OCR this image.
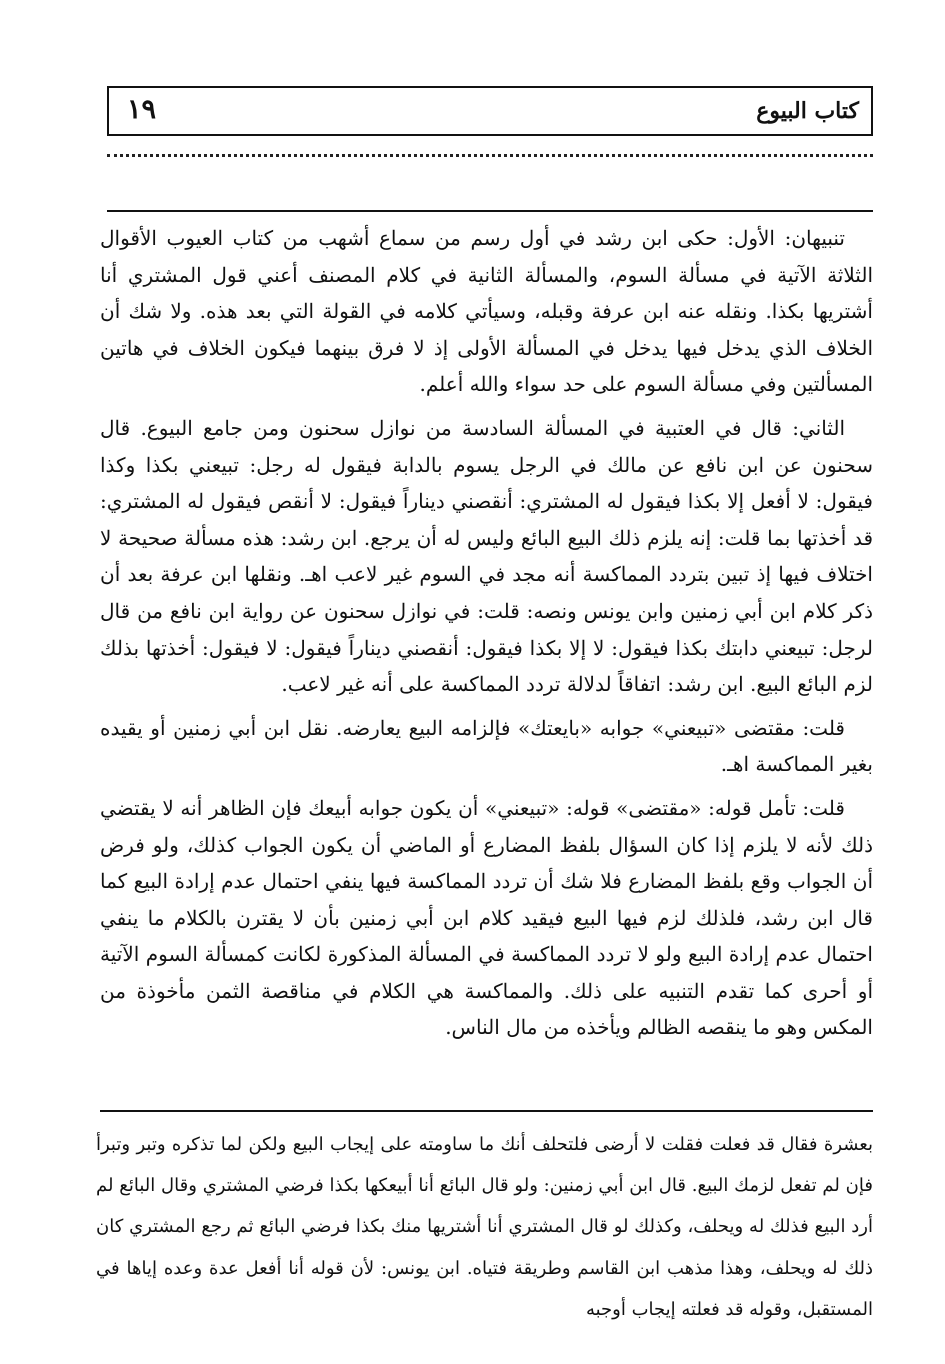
١٩	كتاب البيوع

تنبيهان: الأول: حكى ابن رشد في أول رسم من سماع أشهب من كتاب العيوب الأقوال الثلاثة الآتية في مسألة السوم، والمسألة الثانية في كلام المصنف أعني قول المشتري أنا أشتريها بكذا. ونقله عنه ابن عرفة وقبله، وسيأتي كلامه في القولة التي بعد هذه. ولا شك أن الخلاف الذي يدخل فيها يدخل في المسألة الأولى إذ لا فرق بينهما فيكون الخلاف في هاتين المسألتين وفي مسألة السوم على حد سواء والله أعلم.

الثاني: قال في العتبية في المسألة السادسة من نوازل سحنون ومن جامع البيوع. قال سحنون عن ابن نافع عن مالك في الرجل يسوم بالدابة فيقول له رجل: تبيعني بكذا وكذا فيقول: لا أفعل إلا بكذا فيقول له المشتري: أنقصني ديناراً فيقول: لا أنقص فيقول له المشتري: قد أخذتها بما قلت: إنه يلزم ذلك البيع البائع وليس له أن يرجع. ابن رشد: هذه مسألة صحيحة لا اختلاف فيها إذ تبين بتردد المماكسة أنه مجد في السوم غير لاعب اهـ. ونقلها ابن عرفة بعد أن ذكر كلام ابن أبي زمنين وابن يونس ونصه: قلت: في نوازل سحنون عن رواية ابن نافع من قال لرجل: تبيعني دابتك بكذا فيقول: لا إلا بكذا فيقول: أنقصني ديناراً فيقول: لا فيقول: أخذتها بذلك لزم البائع البيع. ابن رشد: اتفاقاً لدلالة تردد المماكسة على أنه غير لاعب.

قلت: مقتضى «تبيعني» جوابه «بايعتك» فإلزامه البيع يعارضه. نقل ابن أبي زمنين أو يقيده بغير المماكسة اهـ.

قلت: تأمل قوله: «مقتضى» قوله: «تبيعني» أن يكون جوابه أبيعك فإن الظاهر أنه لا يقتضي ذلك لأنه لا يلزم إذا كان السؤال بلفظ المضارع أو الماضي أن يكون الجواب كذلك، ولو فرض أن الجواب وقع بلفظ المضارع فلا شك أن تردد المماكسة فيها ينفي احتمال عدم إرادة البيع كما قال ابن رشد، فلذلك لزم فيها البيع فيقيد كلام ابن أبي زمنين بأن لا يقترن بالكلام ما ينفي احتمال عدم إرادة البيع ولو لا تردد المماكسة في المسألة المذكورة لكانت كمسألة السوم الآتية أو أحرى كما تقدم التنبيه على ذلك. والمماكسة هي الكلام في مناقصة الثمن مأخوذة من المكس وهو ما ينقصه الظالم ويأخذه من مال الناس.

بعشرة فقال قد فعلت فقلت لا أرضى فلتحلف أنك ما ساومته على إيجاب البيع ولكن لما تذكره وتبر وتبرأ فإن لم تفعل لزمك البيع. قال ابن أبي زمنين: ولو قال البائع أنا أبيعكها بكذا فرضي المشتري وقال البائع لم أرد البيع فذلك له ويحلف، وكذلك لو قال المشتري أنا أشتريها منك بكذا فرضي البائع ثم رجع المشتري كان ذلك له ويحلف، وهذا مذهب ابن القاسم وطريقة فتياه. ابن يونس: لأن قوله أنا أفعل عدة وعده إياها في المستقبل، وقوله قد فعلته إيجاب أوجبه
